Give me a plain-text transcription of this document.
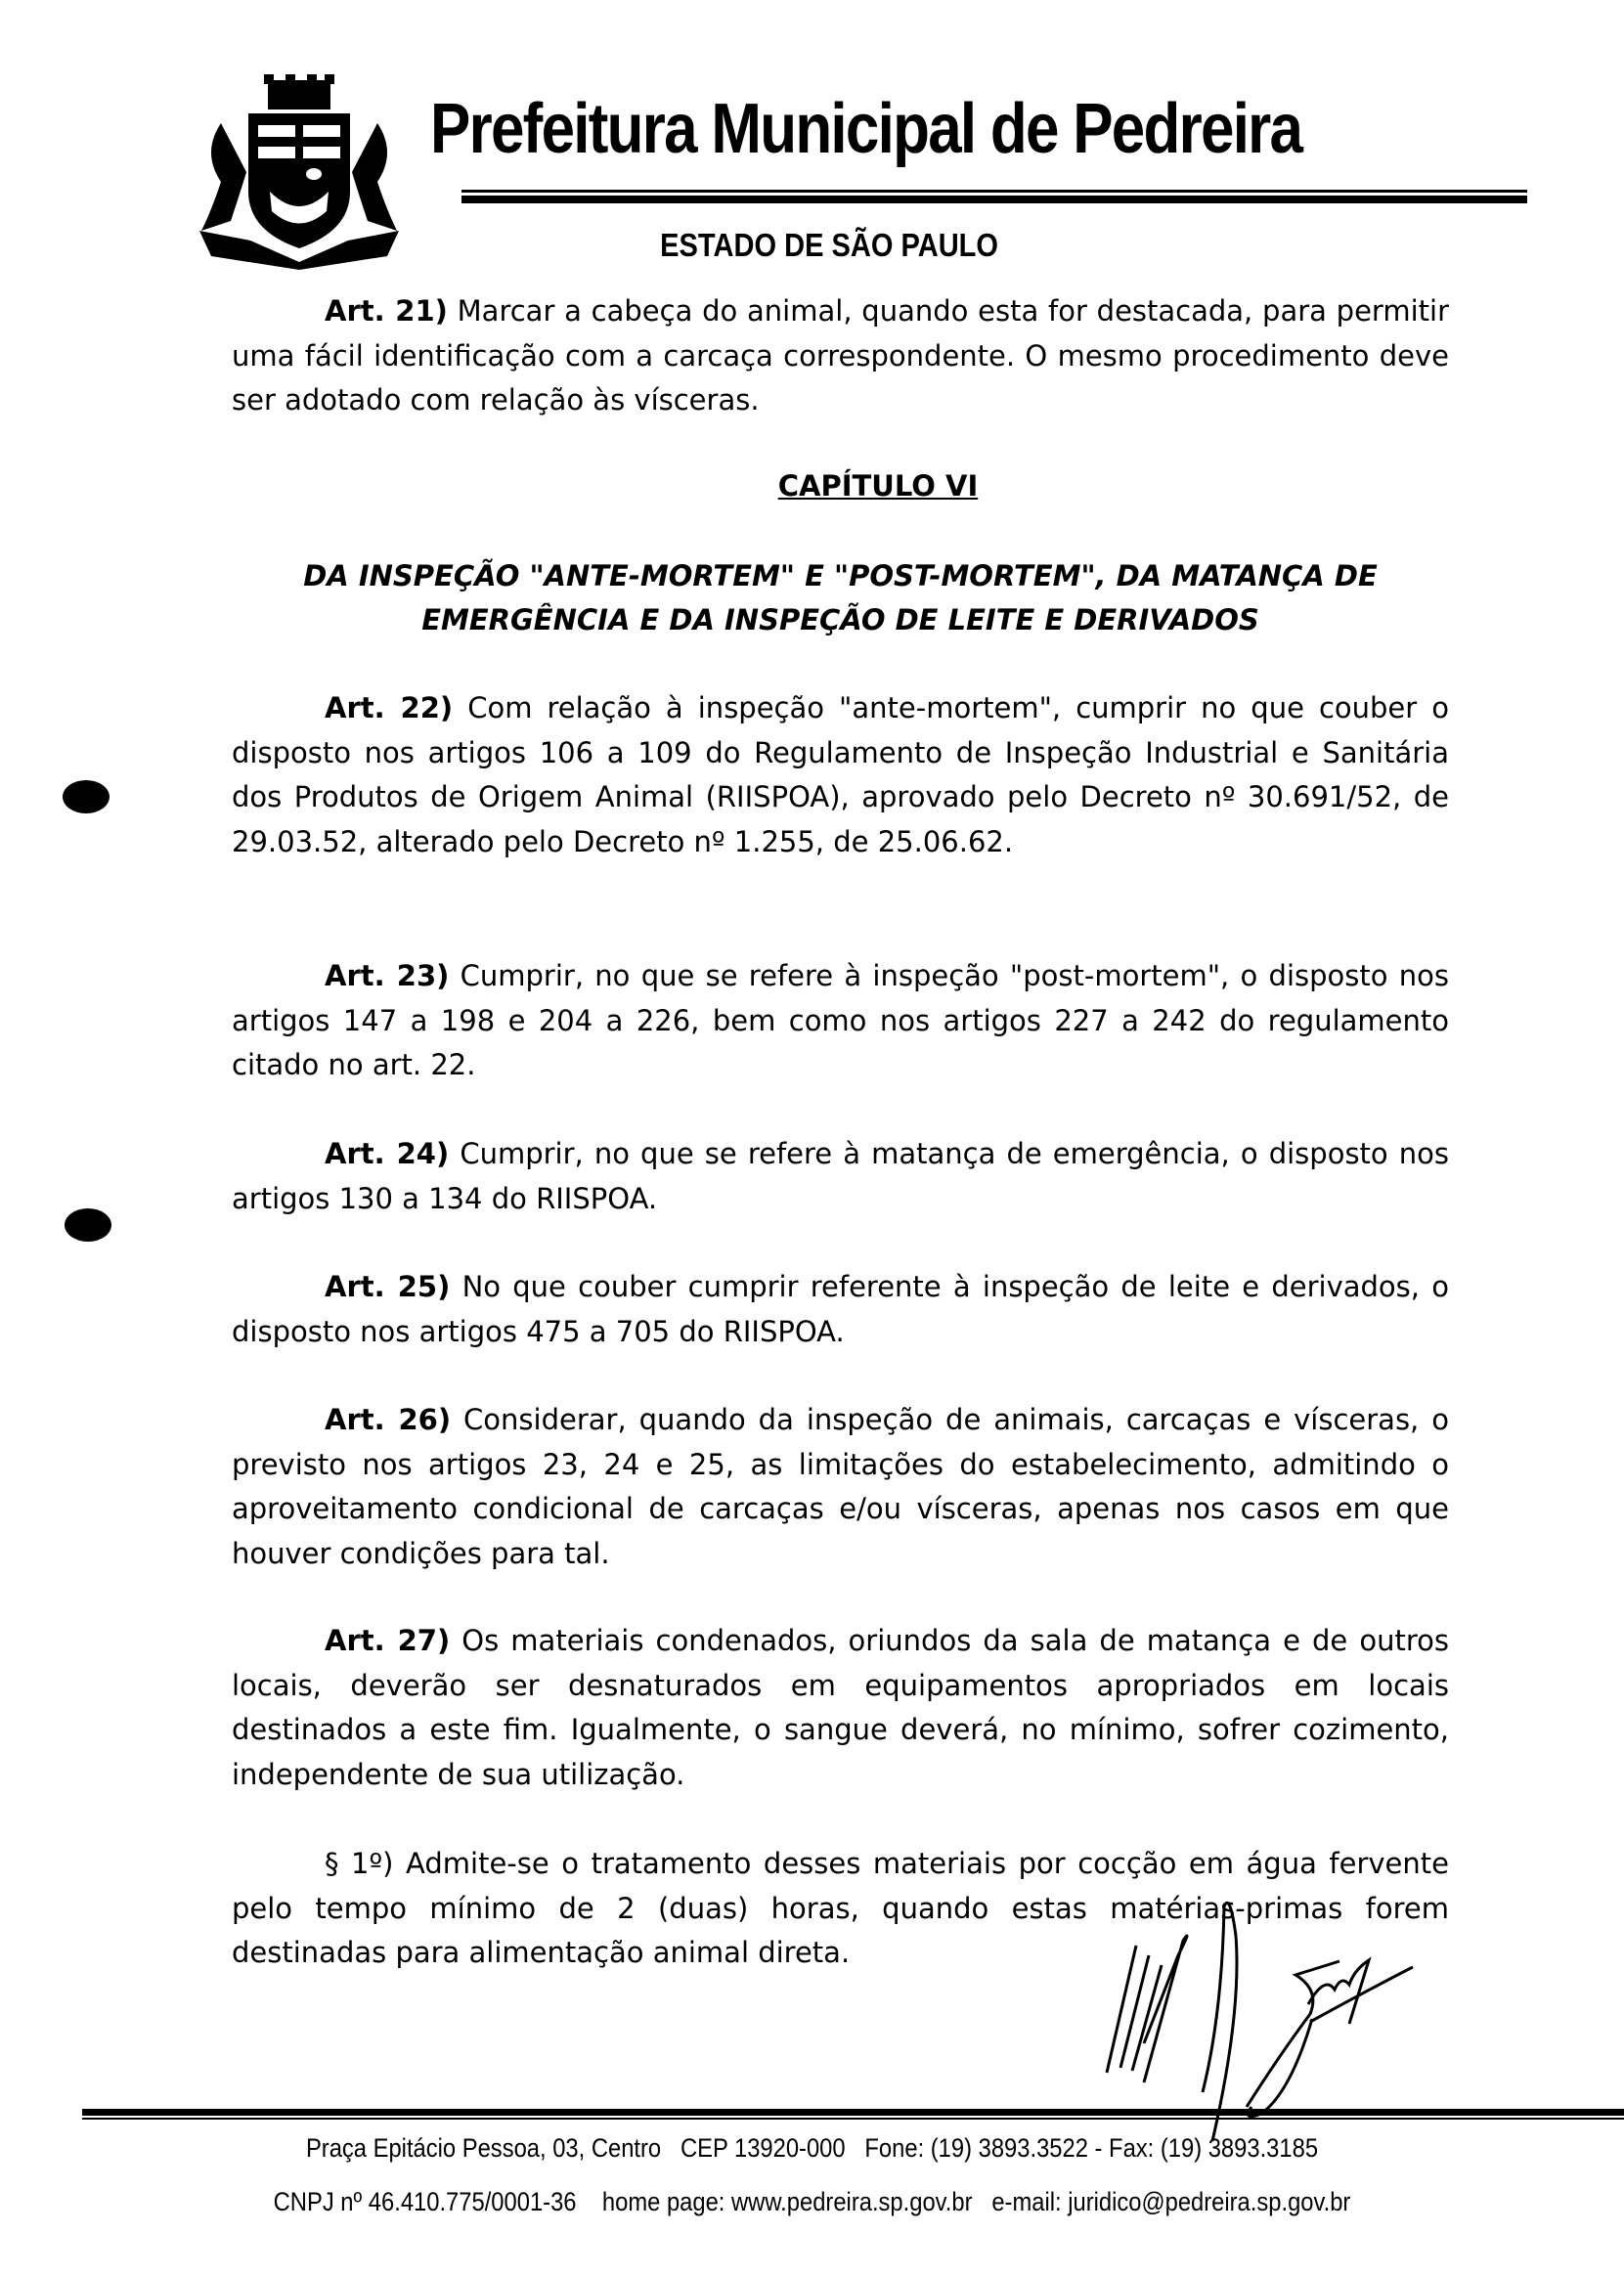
Prefeitura Municipal de Pedreira
ESTADO DE SÃO PAULO

Art. 21) Marcar a cabeça do animal, quando esta for destacada, para permitir uma fácil identificação com a carcaça correspondente. O mesmo procedimento deve ser adotado com relação às vísceras.

CAPÍTULO VI
DA INSPEÇÃO "ANTE-MORTEM" E "POST-MORTEM", DA MATANÇA DE EMERGÊNCIA E DA INSPEÇÃO DE LEITE E DERIVADOS

Art. 22) Com relação à inspeção "ante-mortem", cumprir no que couber o disposto nos artigos 106 a 109 do Regulamento de Inspeção Industrial e Sanitária dos Produtos de Origem Animal (RIISPOA), aprovado pelo Decreto nº 30.691/52, de 29.03.52, alterado pelo Decreto nº 1.255, de 25.06.62.

Art. 23) Cumprir, no que se refere à inspeção "post-mortem", o disposto nos artigos 147 a 198 e 204 a 226, bem como nos artigos 227 a 242 do regulamento citado no art. 22.

Art. 24) Cumprir, no que se refere à matança de emergência, o disposto nos artigos 130 a 134 do RIISPOA.

Art. 25) No que couber cumprir referente à inspeção de leite e derivados, o disposto nos artigos 475 a 705 do RIISPOA.

Art. 26) Considerar, quando da inspeção de animais, carcaças e vísceras, o previsto nos artigos 23, 24 e 25, as limitações do estabelecimento, admitindo o aproveitamento condicional de carcaças e/ou vísceras, apenas nos casos em que houver condições para tal.

Art. 27) Os materiais condenados, oriundos da sala de matança e de outros locais, deverão ser desnaturados em equipamentos apropriados em locais destinados a este fim. Igualmente, o sangue deverá, no mínimo, sofrer cozimento, independente de sua utilização.

§ 1º) Admite-se o tratamento desses materiais por cocção em água fervente pelo tempo mínimo de 2 (duas) horas, quando estas matérias-primas forem destinadas para alimentação animal direta.

Praça Epitácio Pessoa, 03, Centro   CEP 13920-000   Fone: (19) 3893.3522 - Fax: (19) 3893.3185
CNPJ nº 46.410.775/0001-36    home page: www.pedreira.sp.gov.br   e-mail: juridico@pedreira.sp.gov.br
